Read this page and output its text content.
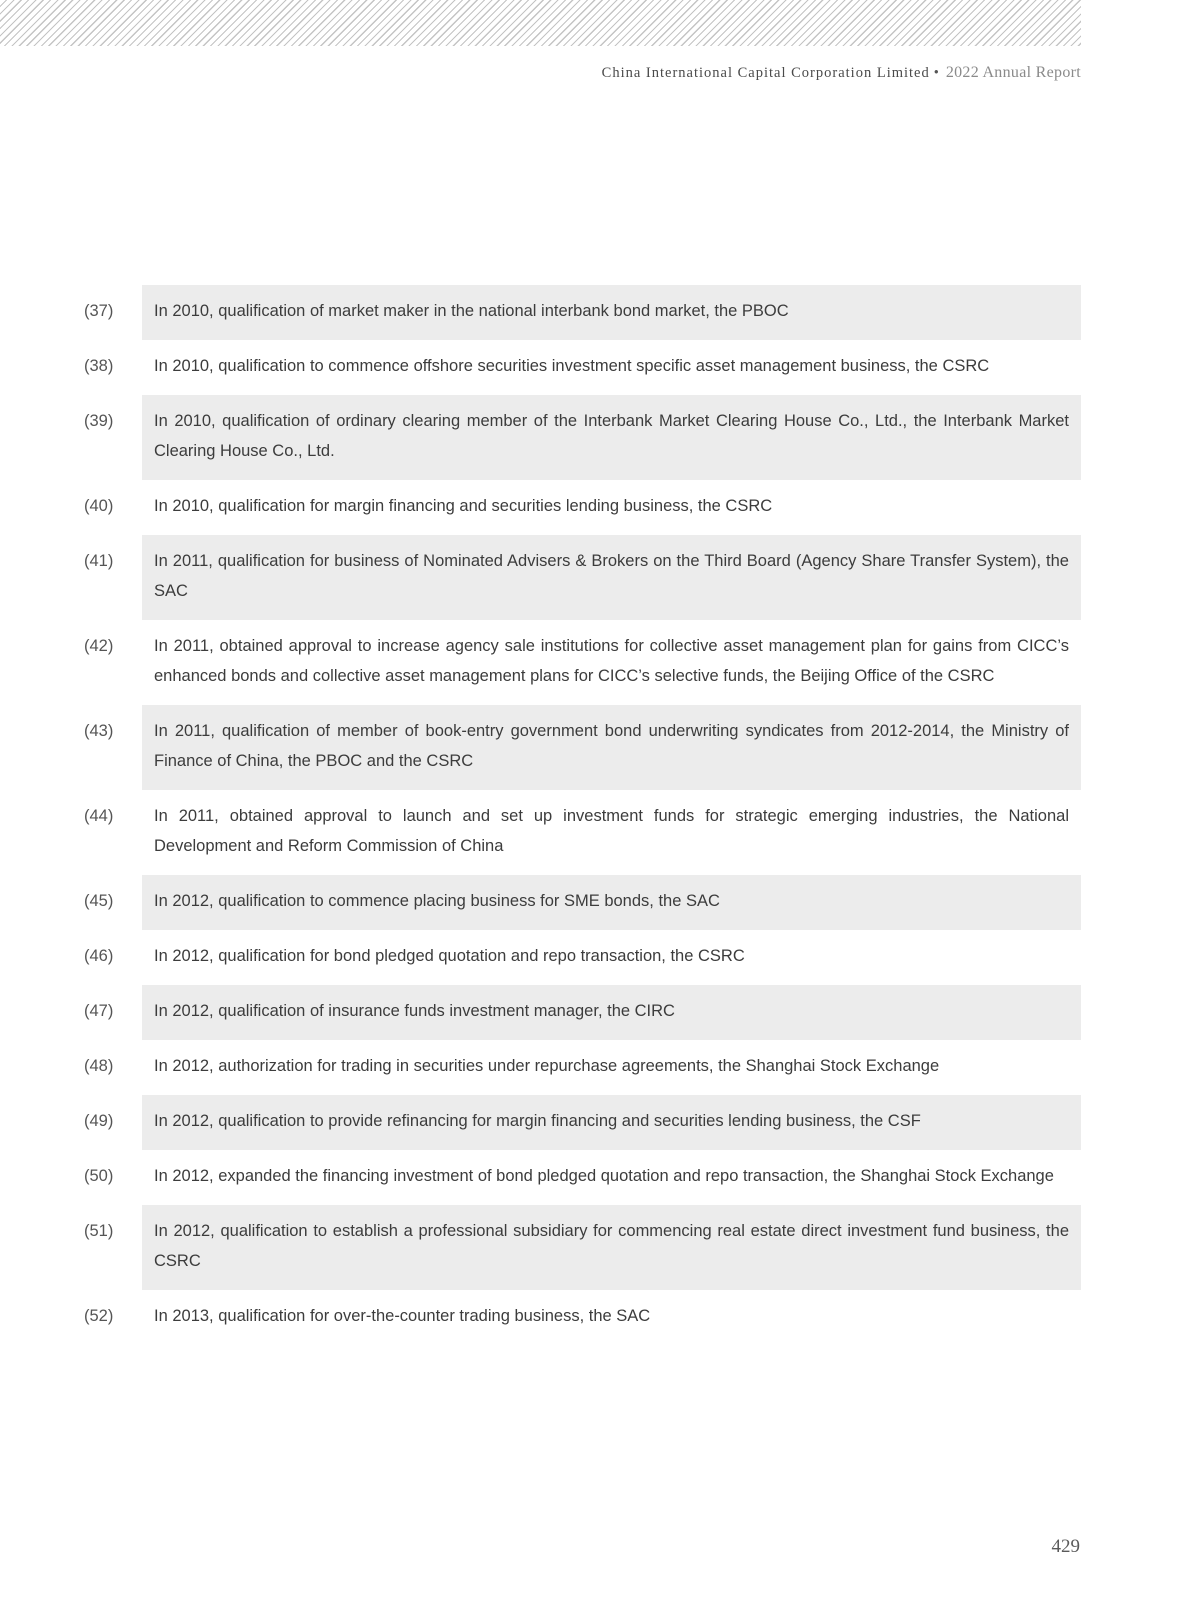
China International Capital Corporation Limited • 2022 Annual Report
(37) In 2010, qualification of market maker in the national interbank bond market, the PBOC
(38) In 2010, qualification to commence offshore securities investment specific asset management business, the CSRC
(39) In 2010, qualification of ordinary clearing member of the Interbank Market Clearing House Co., Ltd., the Interbank Market Clearing House Co., Ltd.
(40) In 2010, qualification for margin financing and securities lending business, the CSRC
(41) In 2011, qualification for business of Nominated Advisers & Brokers on the Third Board (Agency Share Transfer System), the SAC
(42) In 2011, obtained approval to increase agency sale institutions for collective asset management plan for gains from CICC’s enhanced bonds and collective asset management plans for CICC’s selective funds, the Beijing Office of the CSRC
(43) In 2011, qualification of member of book-entry government bond underwriting syndicates from 2012-2014, the Ministry of Finance of China, the PBOC and the CSRC
(44) In 2011, obtained approval to launch and set up investment funds for strategic emerging industries, the National Development and Reform Commission of China
(45) In 2012, qualification to commence placing business for SME bonds, the SAC
(46) In 2012, qualification for bond pledged quotation and repo transaction, the CSRC
(47) In 2012, qualification of insurance funds investment manager, the CIRC
(48) In 2012, authorization for trading in securities under repurchase agreements, the Shanghai Stock Exchange
(49) In 2012, qualification to provide refinancing for margin financing and securities lending business, the CSF
(50) In 2012, expanded the financing investment of bond pledged quotation and repo transaction, the Shanghai Stock Exchange
(51) In 2012, qualification to establish a professional subsidiary for commencing real estate direct investment fund business, the CSRC
(52) In 2013, qualification for over-the-counter trading business, the SAC
429
